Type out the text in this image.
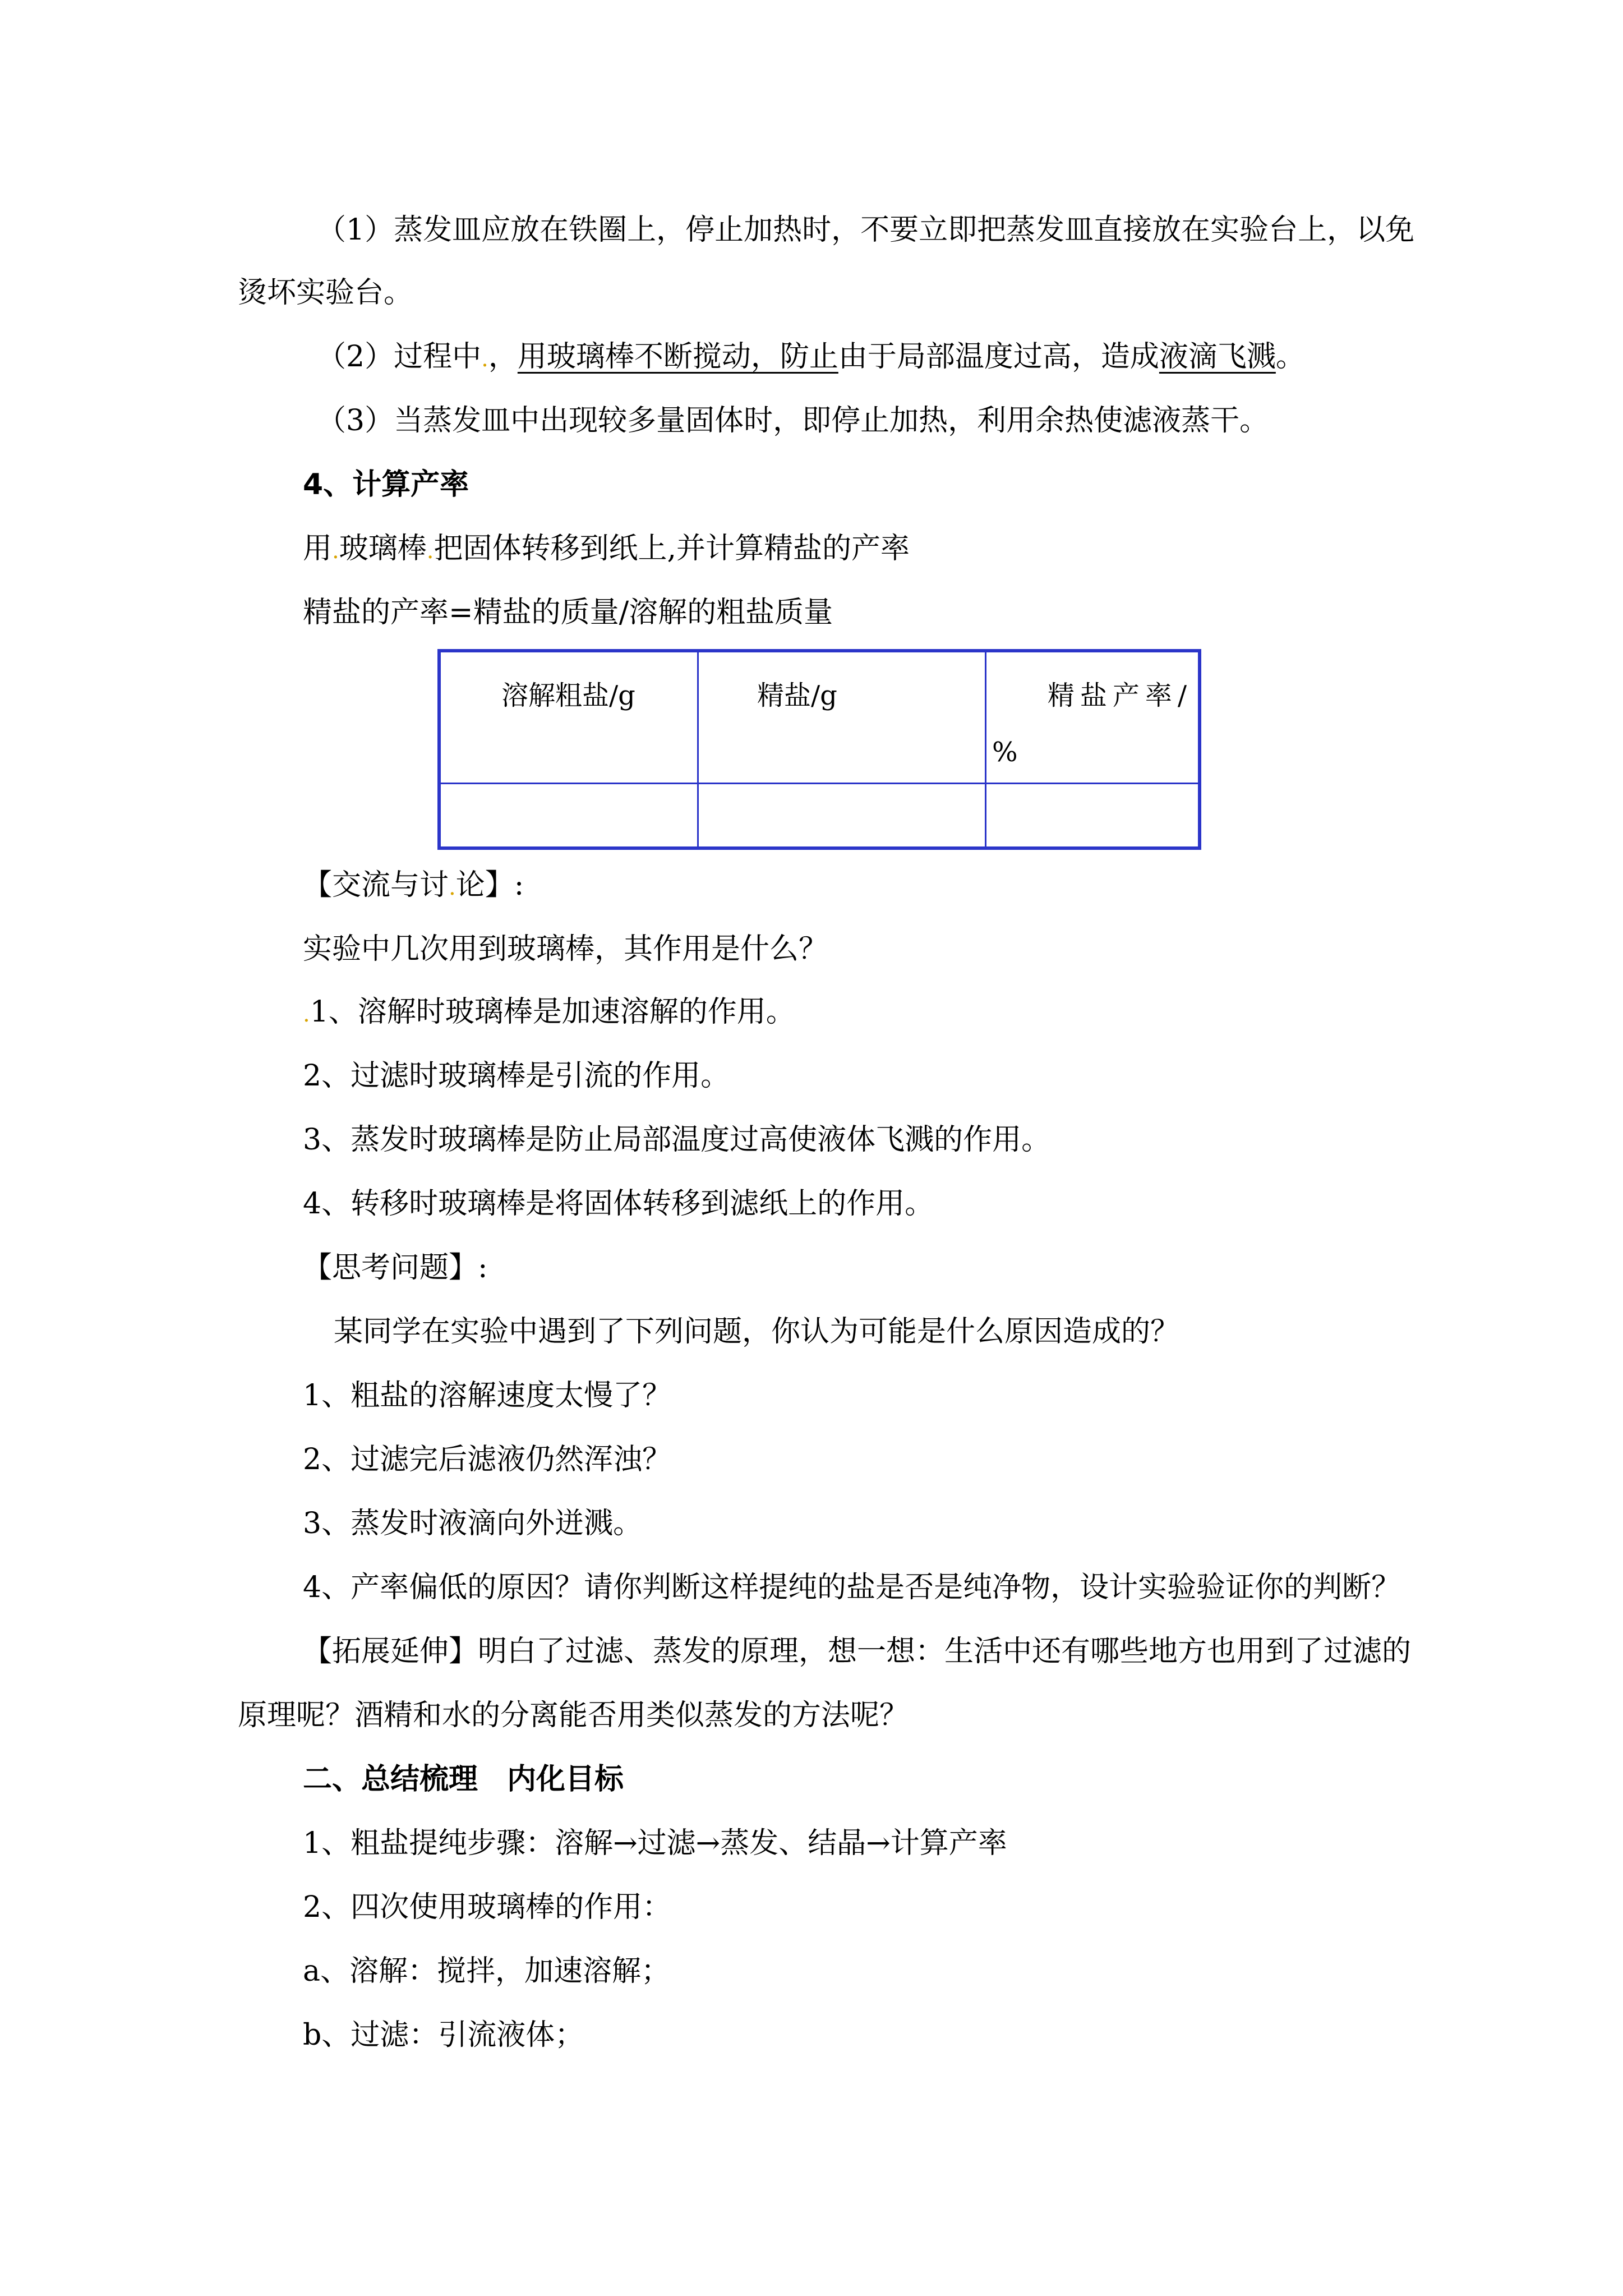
（1）蒸发皿应放在铁圈上，停止加热时，不要立即把蒸发皿直接放在实验台上，以免
烫坏实验台。
（2）过程中.，用玻璃棒不断搅动，防止由于局部温度过高，造成液滴飞溅。
（3）当蒸发皿中出现较多量固体时，即停止加热，利用余热使滤液蒸干。
4、计算产率
用.玻璃棒.把固体转移到纸上,并计算精盐的产率
精盐的产率=精盐的质量/溶解的粗盐质量
溶解粗盐/g	精盐/g	精盐产率/
%

【交流与讨.论】:
实验中几次用到玻璃棒，其作用是什么？
.1、溶解时玻璃棒是加速溶解的作用。
2、过滤时玻璃棒是引流的作用。
3、蒸发时玻璃棒是防止局部温度过高使液体飞溅的作用。
4、转移时玻璃棒是将固体转移到滤纸上的作用。
【思考问题】:
某同学在实验中遇到了下列问题，你认为可能是什么原因造成的？
1、粗盐的溶解速度太慢了？
2、过滤完后滤液仍然浑浊？
3、蒸发时液滴向外迸溅。
4、产率偏低的原因？请你判断这样提纯的盐是否是纯净物，设计实验验证你的判断？
【拓展延伸】明白了过滤、蒸发的原理，想一想：生活中还有哪些地方也用到了过滤的
原理呢？酒精和水的分离能否用类似蒸发的方法呢？
二、总结梳理　内化目标
1、粗盐提纯步骤：溶解→过滤→蒸发、结晶→计算产率
2、四次使用玻璃棒的作用：
a、溶解：搅拌，加速溶解；
b、过滤：引流液体；
